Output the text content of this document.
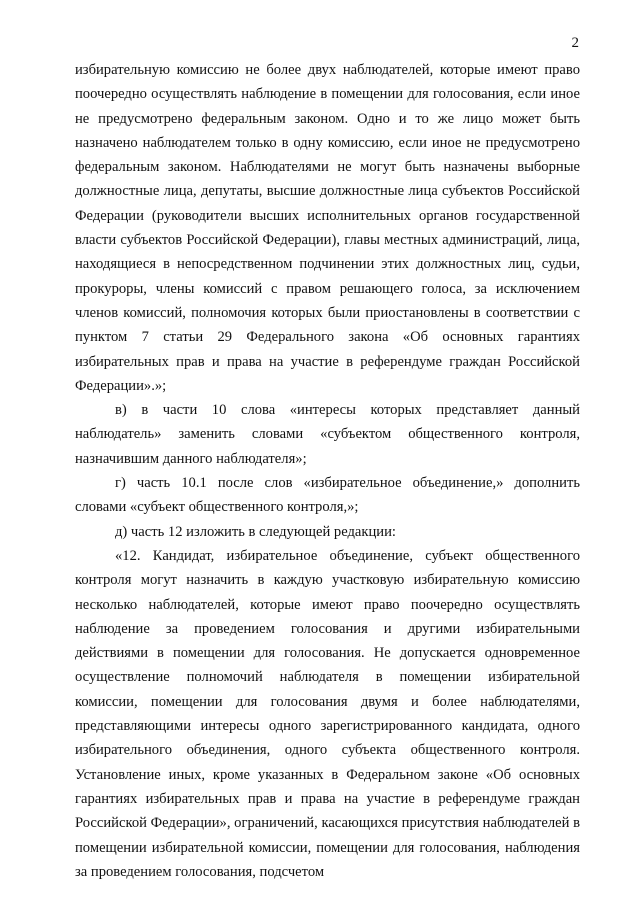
2

избирательную комиссию не более двух наблюдателей, которые имеют право поочередно осуществлять наблюдение в помещении для голосования, если иное не предусмотрено федеральным законом. Одно и то же лицо может быть назначено наблюдателем только в одну комиссию, если иное не предусмотрено федеральным законом. Наблюдателями не могут быть назначены выборные должностные лица, депутаты, высшие должностные лица субъектов Российской Федерации (руководители высших исполнительных органов государственной власти субъектов Российской Федерации), главы местных администраций, лица, находящиеся в непосредственном подчинении этих должностных лиц, судьи, прокуроры, члены комиссий с правом решающего голоса, за исключением членов комиссий, полномочия которых были приостановлены в соответствии с пунктом 7 статьи 29 Федерального закона «Об основных гарантиях избирательных прав и права на участие в референдуме граждан Российской Федерации».»;

в) в части 10 слова «интересы которых представляет данный наблюдатель» заменить словами «субъектом общественного контроля, назначившим данного наблюдателя»;

г) часть 10.1 после слов «избирательное объединение,» дополнить словами «субъект общественного контроля,»;

д) часть 12 изложить в следующей редакции:

«12. Кандидат, избирательное объединение, субъект общественного контроля могут назначить в каждую участковую избирательную комиссию несколько наблюдателей, которые имеют право поочередно осуществлять наблюдение за проведением голосования и другими избирательными действиями в помещении для голосования. Не допускается одновременное осуществление полномочий наблюдателя в помещении избирательной комиссии, помещении для голосования двумя и более наблюдателями, представляющими интересы одного зарегистрированного кандидата, одного избирательного объединения, одного субъекта общественного контроля. Установление иных, кроме указанных в Федеральном законе «Об основных гарантиях избирательных прав и права на участие в референдуме граждан Российской Федерации», ограничений, касающихся присутствия наблюдателей в помещении избирательной комиссии, помещении для голосования, наблюдения за проведением голосования, подсчетом
